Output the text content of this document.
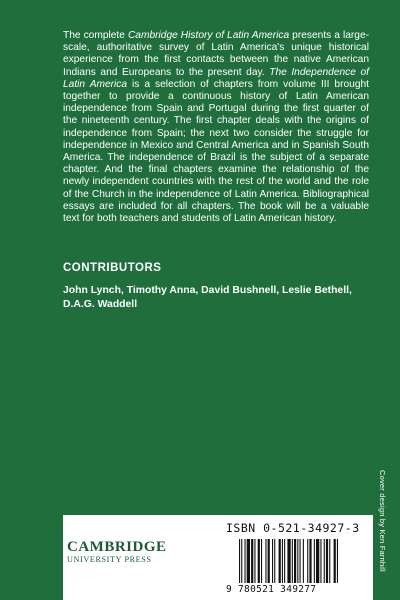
The complete Cambridge History of Latin America presents a large-scale, authoritative survey of Latin America's unique historical experience from the first contacts between the native American Indians and Europeans to the present day. The Independence of Latin America is a selection of chapters from volume III brought together to provide a continuous history of Latin American independence from Spain and Portugal during the first quarter of the nineteenth century. The first chapter deals with the origins of independence from Spain; the next two consider the struggle for independence in Mexico and Central America and in Spanish South America. The independence of Brazil is the subject of a separate chapter. And the final chapters examine the relationship of the newly independent countries with the rest of the world and the role of the Church in the independence of Latin America. Bibliographical essays are included for all chapters. The book will be a valuable text for both teachers and students of Latin American history.

CONTRIBUTORS
John Lynch, Timothy Anna, David Bushnell, Leslie Bethell,
D.A.G. Waddell
Cover design by Ken Farnhill
ISBN 0-521-34927-3
CAMBRIDGE
UNIVERSITY PRESS
9 780521 349277
